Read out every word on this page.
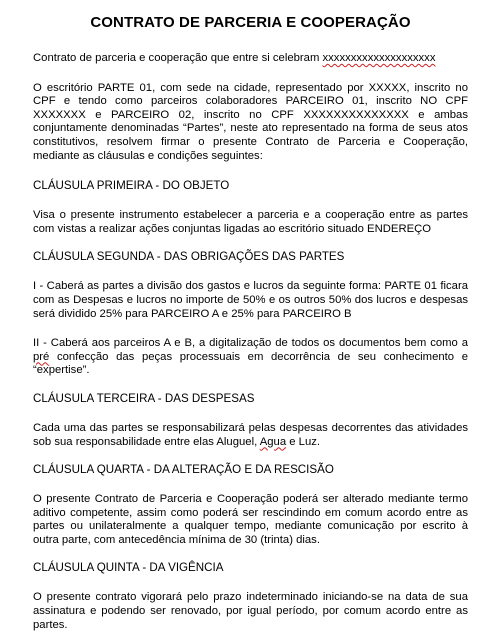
CONTRATO DE PARCERIA E COOPERAÇÃO

Contrato de parceria e cooperação que entre si celebram xxxxxxxxxxxxxxxxxxxx

O escritório PARTE 01, com sede na cidade, representado por XXXXX, inscrito no CPF e tendo como parceiros colaboradores PARCEIRO 01, inscrito NO CPF XXXXXXX e PARCEIRO 02, inscrito no CPF XXXXXXXXXXXXXX e ambas conjuntamente denominadas “Partes”, neste ato representado na forma de seus atos constitutivos, resolvem firmar o presente Contrato de Parceria e Cooperação, mediante as cláusulas e condições seguintes:

CLÁUSULA PRIMEIRA - DO OBJETO

Visa o presente instrumento estabelecer a parceria e a cooperação entre as partes com vistas a realizar ações conjuntas ligadas ao escritório situado ENDEREÇO

CLÁUSULA SEGUNDA - DAS OBRIGAÇÕES DAS PARTES

I - Caberá as partes a divisão dos gastos e lucros da seguinte forma: PARTE 01 ficara com as Despesas e lucros no importe de 50% e os outros 50% dos lucros e despesas será dividido 25% para PARCEIRO A e 25% para PARCEIRO B

II - Caberá aos parceiros A e B, a digitalização de todos os documentos bem como a pré confecção das peças processuais em decorrência de seu conhecimento e “expertise”.

CLÁUSULA TERCEIRA - DAS DESPESAS

Cada uma das partes se responsabilizará pelas despesas decorrentes das atividades sob sua responsabilidade entre elas Aluguel, Agua e Luz.

CLÁUSULA QUARTA - DA ALTERAÇÃO E DA RESCISÃO

O presente Contrato de Parceria e Cooperação poderá ser alterado mediante termo aditivo competente, assim como poderá ser rescindindo em comum acordo entre as partes ou unilateralmente a qualquer tempo, mediante comunicação por escrito à outra parte, com antecedência mínima de 30 (trinta) dias.

CLÁUSULA QUINTA - DA VIGÊNCIA

O presente contrato vigorará pelo prazo indeterminado iniciando-se na data de sua assinatura e podendo ser renovado, por igual período, por comum acordo entre as partes.
